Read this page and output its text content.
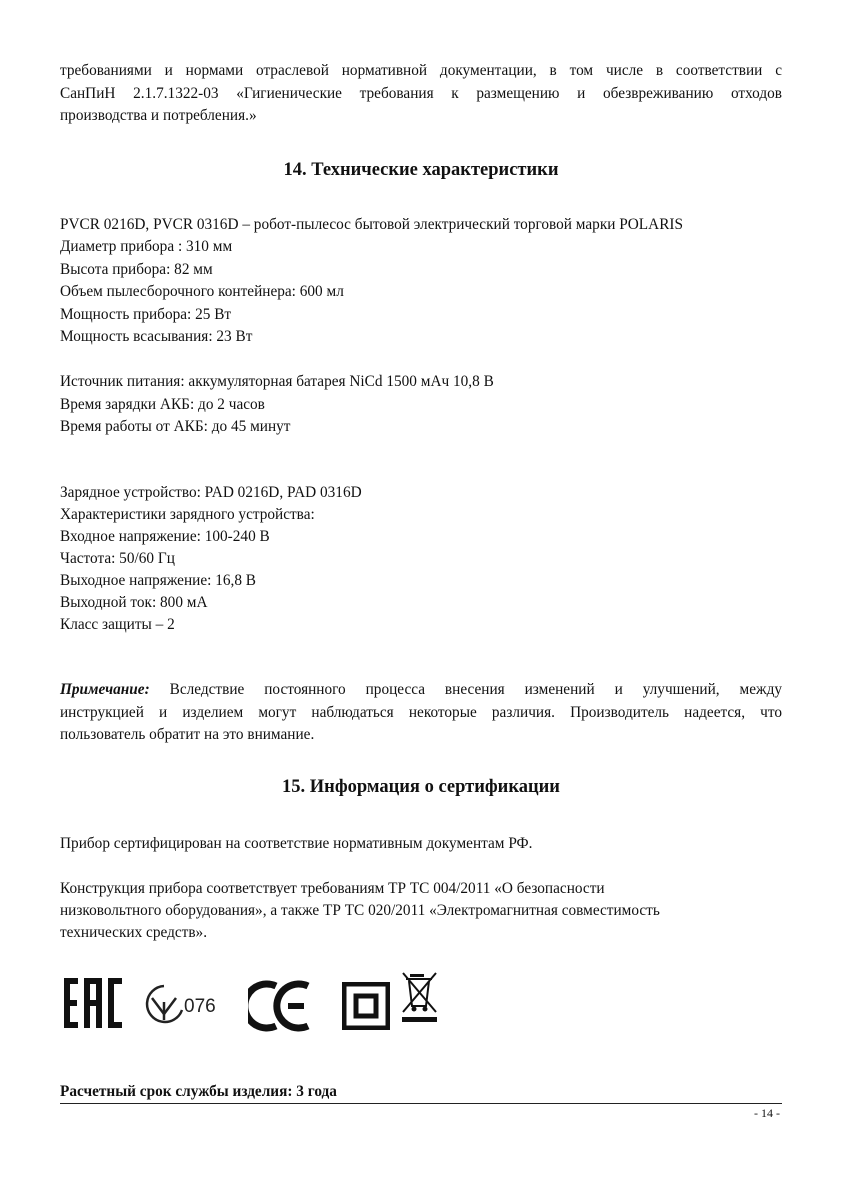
требованиями и нормами отраслевой нормативной документации, в том числе в соответствии с
СанПиН 2.1.7.1322-03 «Гигиенические требования к размещению и обезвреживанию отходов
производства и потребления.»
14. Технические характеристики
PVCR 0216D, PVCR 0316D – робот-пылесос бытовой электрический торговой марки POLARIS
Диаметр прибора : 310 мм
Высота прибора: 82 мм
Объем пылесборочного контейнера: 600 мл
Мощность прибора: 25 Вт
Мощность всасывания: 23 Вт
Источник питания: аккумуляторная батарея NiCd 1500 мАч 10,8 В
Время зарядки АКБ: до 2 часов
Время работы от АКБ: до 45 минут
Зарядное устройство: PAD 0216D, PAD 0316D
Характеристики зарядного устройства:
Входное напряжение: 100-240 В
Частота: 50/60 Гц
Выходное напряжение: 16,8 В
Выходной ток: 800 мА
Класс защиты – 2
Примечание: Вследствие постоянного процесса внесения изменений и улучшений, между
инструкцией и изделием могут наблюдаться некоторые различия. Производитель надеется, что
пользователь обратит на это внимание.
15. Информация о сертификации
Прибор сертифицирован на соответствие нормативным документам РФ.
Конструкция прибора соответствует требованиям ТР ТС 004/2011 «О безопасности
низковольтного оборудования», а также ТР ТС 020/2011 «Электромагнитная совместимость
технических средств».
076
Расчетный срок службы изделия: 3 года
- 14 -
